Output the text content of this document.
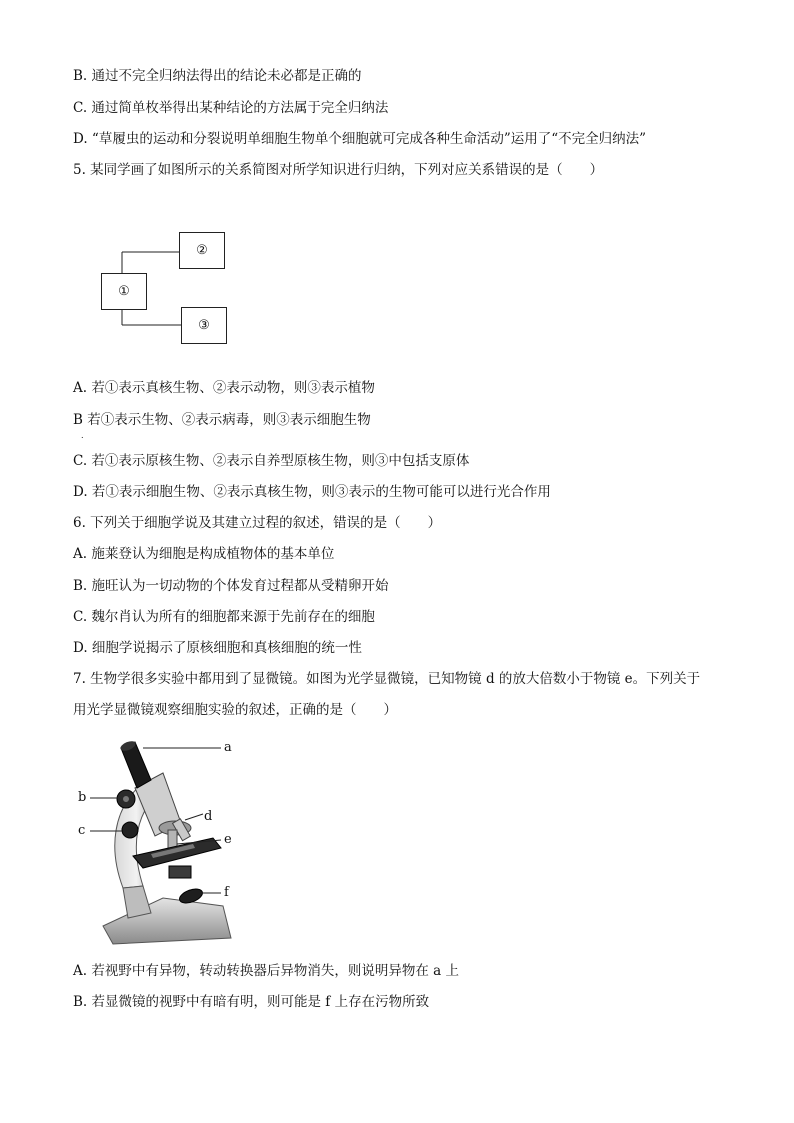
B. 通过不完全归纳法得出的结论未必都是正确的
C. 通过简单枚举得出某种结论的方法属于完全归纳法
D. “草履虫的运动和分裂说明单细胞生物单个细胞就可完成各种生命活动”运用了“不完全归纳法”
5. 某同学画了如图所示的关系简图对所学知识进行归纳，下列对应关系错误的是（　　）
①
②
③
A. 若①表示真核生物、②表示动物，则③表示植物
B 若①表示生物、②表示病毒，则③表示细胞生物
.
C. 若①表示原核生物、②表示自养型原核生物，则③中包括支原体
D. 若①表示细胞生物、②表示真核生物，则③表示的生物可能可以进行光合作用
6. 下列关于细胞学说及其建立过程的叙述，错误的是（　　）
A. 施莱登认为细胞是构成植物体的基本单位
B. 施旺认为一切动物的个体发育过程都从受精卵开始
C. 魏尔肖认为所有的细胞都来源于先前存在的细胞
D. 细胞学说揭示了原核细胞和真核细胞的统一性
7. 生物学很多实验中都用到了显微镜。如图为光学显微镜，已知物镜 d 的放大倍数小于物镜 e。下列关于
用光学显微镜观察细胞实验的叙述，正确的是（　　）
a
b
c
d
e
f
A. 若视野中有异物，转动转换器后异物消失，则说明异物在 a 上
B. 若显微镜的视野中有暗有明，则可能是 f 上存在污物所致
